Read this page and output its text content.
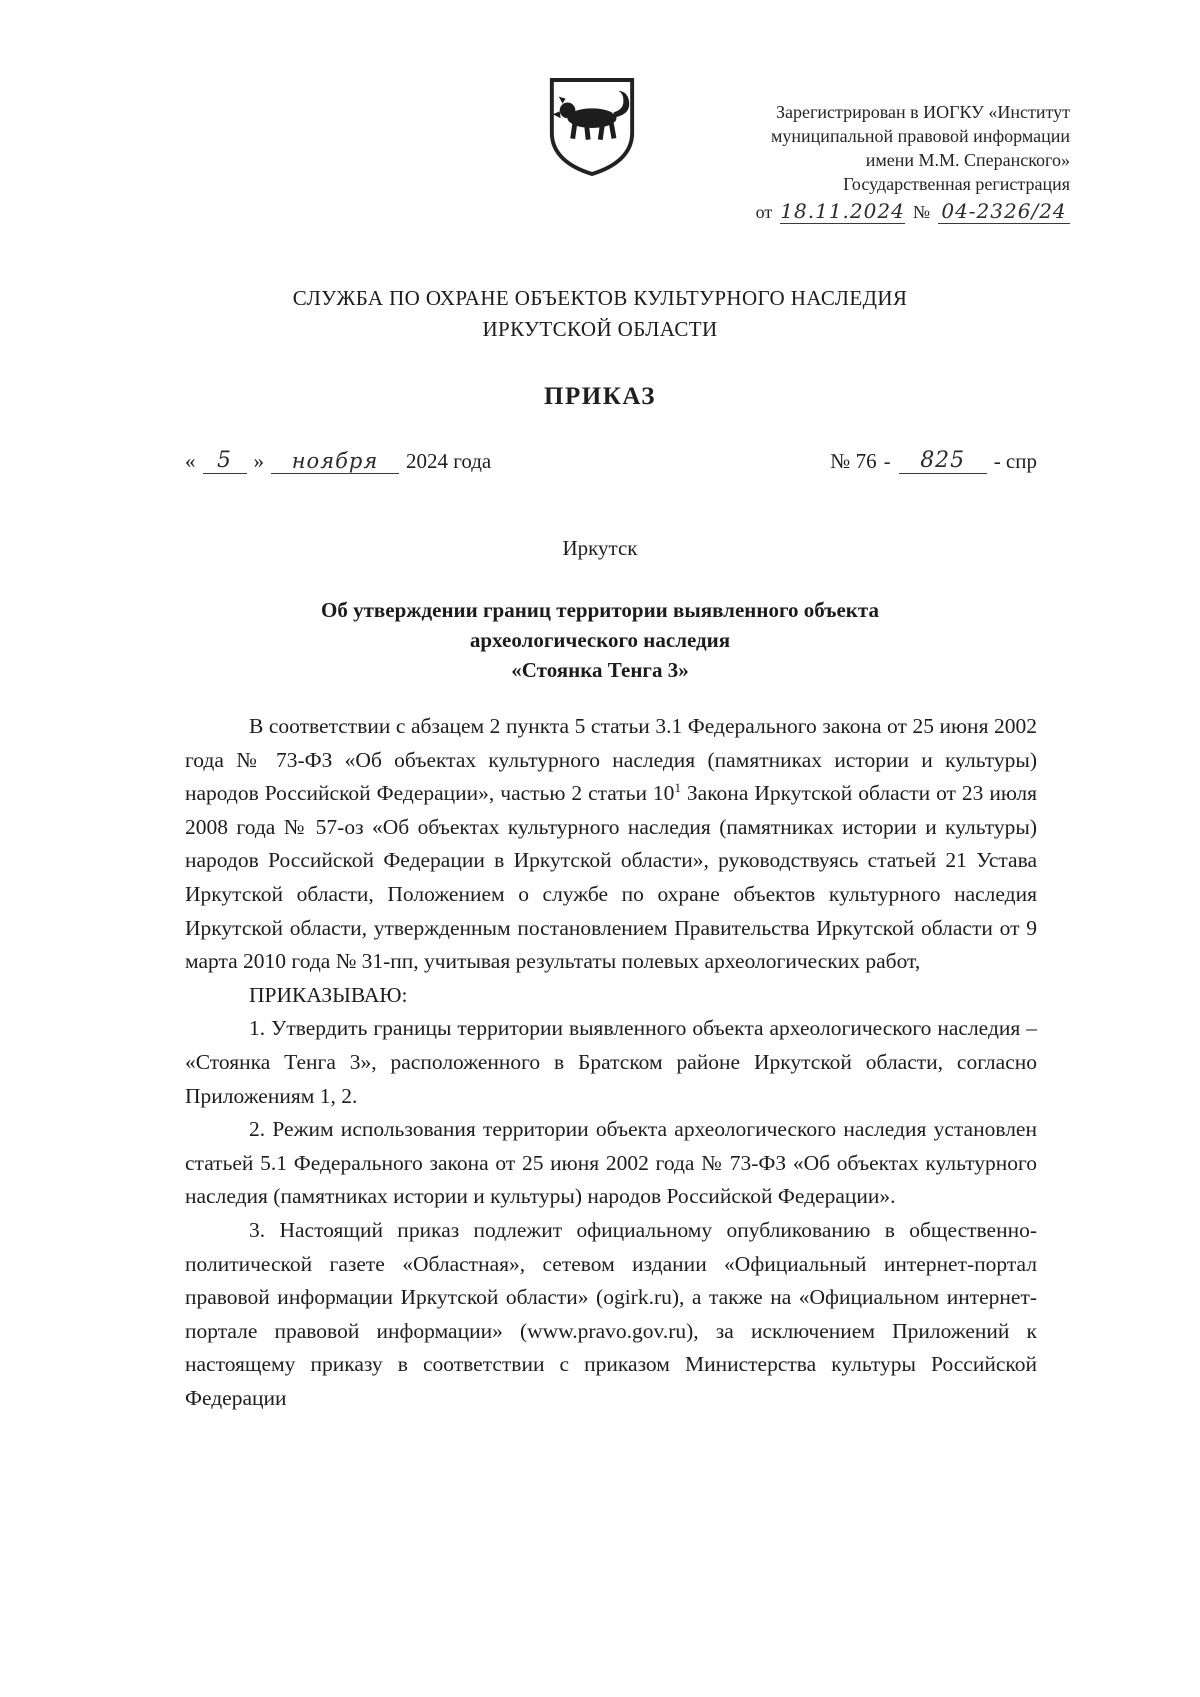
Зарегистрирован в ИОГКУ «Институт
муниципальной правовой информации
имени М.М. Сперанского»
Государственная регистрация
от 18.11.2024 № 04-2326/24
СЛУЖБА ПО ОХРАНЕ ОБЪЕКТОВ КУЛЬТУРНОГО НАСЛЕДИЯ
ИРКУТСКОЙ ОБЛАСТИ
ПРИКАЗ
« 5	»	ноября	2024 года	№ 76 -	825	- спр
Иркутск
Об утверждении границ территории выявленного объекта
археологического наследия
«Стоянка Тенга 3»

В соответствии с абзацем 2 пункта 5 статьи 3.1 Федерального закона от 25 июня 2002 года № 73-ФЗ «Об объектах культурного наследия (памятниках истории и культуры) народов Российской Федерации», частью 2 статьи $10^1$ Закона Иркутской области от 23 июля 2008 года № 57-оз «Об объектах культурного наследия (памятниках истории и культуры) народов Российской Федерации в Иркутской области», руководствуясь статьей 21 Устава Иркутской области, Положением о службе по охране объектов культурного наследия Иркутской области, утвержденным постановлением Правительства Иркутской области от 9 марта 2010 года № 31-пп, учитывая результаты полевых археологических работ,

ПРИКАЗЫВАЮ:

1. Утвердить границы территории выявленного объекта археологического наследия – «Стоянка Тенга 3», расположенного в Братском районе Иркутской области, согласно Приложениям 1, 2.

2. Режим использования территории объекта археологического наследия установлен статьей 5.1 Федерального закона от 25 июня 2002 года № 73-ФЗ «Об объектах культурного наследия (памятниках истории и культуры) народов Российской Федерации».

3. Настоящий приказ подлежит официальному опубликованию в общественно-политической газете «Областная», сетевом издании «Официальный интернет-портал правовой информации Иркутской области» (ogirk.ru), а также на «Официальном интернет-портале правовой информации» (www.pravo.gov.ru), за исключением Приложений к настоящему приказу в соответствии с приказом Министерства культуры Российской Федерации
